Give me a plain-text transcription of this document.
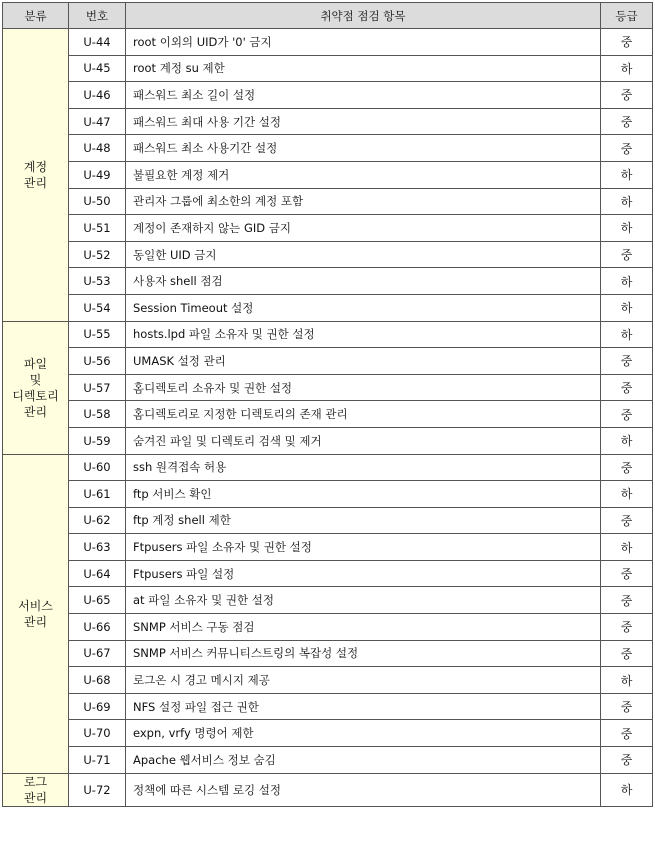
분류	번호	취약점 점검 항목	등급

계정
관리	U-44	root 이외의 UID가 '0' 금지	중
	U-45	root 계정 su 제한	하
	U-46	패스워드 최소 길이 설정	중
	U-47	패스워드 최대 사용 기간 설정	중
	U-48	패스워드 최소 사용기간 설정	중
	U-49	불필요한 계정 제거	하
	U-50	관리자 그룹에 최소한의 계정 포함	하
	U-51	계정이 존재하지 않는 GID 금지	하
	U-52	동일한 UID 금지	중
	U-53	사용자 shell 점검	하
	U-54	Session Timeout 설정	하

파일
및
디렉토리
관리	U-55	hosts.lpd 파일 소유자 및 권한 설정	하
	U-56	UMASK 설정 관리	중
	U-57	홈디렉토리 소유자 및 권한 설정	중
	U-58	홈디렉토리로 지정한 디렉토리의 존재 관리	중
	U-59	숨겨진 파일 및 디렉토리 검색 및 제거	하

서비스
관리	U-60	ssh 원격접속 허용	중
	U-61	ftp 서비스 확인	하
	U-62	ftp 계정 shell 제한	중
	U-63	Ftpusers 파일 소유자 및 권한 설정	하
	U-64	Ftpusers 파일 설정	중
	U-65	at 파일 소유자 및 권한 설정	중
	U-66	SNMP 서비스 구동 점검	중
	U-67	SNMP 서비스 커뮤니티스트링의 복잡성 설정	중
	U-68	로그온 시 경고 메시지 제공	하
	U-69	NFS 설정 파일 접근 권한	중
	U-70	expn, vrfy 명령어 제한	중
	U-71	Apache 웹서비스 정보 숨김	중

로그
관리	U-72	정책에 따른 시스템 로깅 설정	하
